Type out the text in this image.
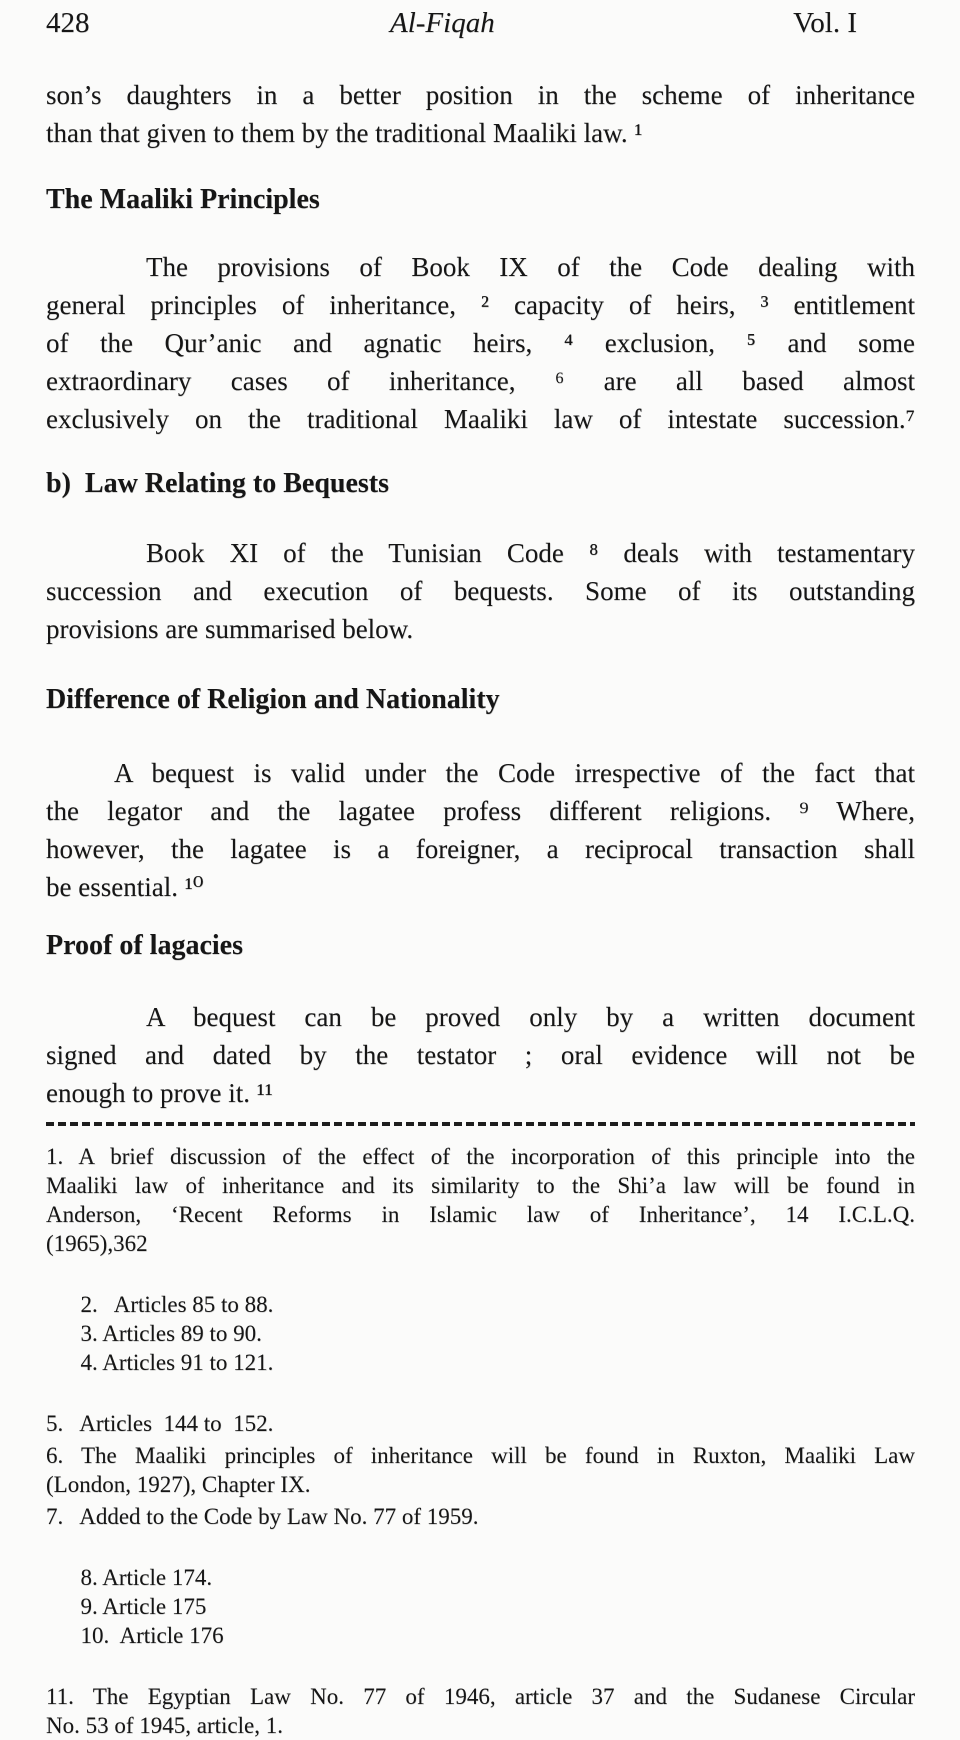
428	Al-Fiqah	Vol. I
son’s daughters in a better position in the scheme of inheritance
than that given to them by the traditional Maaliki law. ¹
The Maaliki Principles
The provisions of Book IX of the Code dealing with
general principles of inheritance, ² capacity of heirs, ³ entitlement
of the Qur’anic and agnatic heirs, ⁴ exclusion, ⁵ and some
extraordinary cases of inheritance, ⁶ are all based almost
exclusively on the traditional Maaliki law of intestate succession.⁷
b)  Law Relating to Bequests
Book XI of the Tunisian Code ⁸ deals with testamentary
succession and execution of bequests. Some of its outstanding
provisions are summarised below.
Difference of Religion and Nationality
A bequest is valid under the Code irrespective of the fact that
the legator and the lagatee profess different religions. ⁹ Where,
however, the lagatee is a foreigner, a reciprocal transaction shall
be essential. ¹⁰
Proof of lagacies
A bequest can be proved only by a written document
signed and dated by the testator ; oral evidence will not be
enough to prove it. ¹¹
1. A brief discussion of the effect of the incorporation of this principle into the
Maaliki law of inheritance and its similarity to the Shi’a law will be found in
Anderson, ‘Recent Reforms in Islamic law of Inheritance’, 14 I.C.L.Q.
(1965),362

2.   Articles 85 to 88.
3. Articles 89 to 90.
4. Articles 91 to 121.

5.   Articles  144 to  152.
6. The Maaliki principles of inheritance will be found in Ruxton, Maaliki Law
(London, 1927), Chapter IX.
7.   Added to the Code by Law No. 77 of 1959.

8. Article 174.
9. Article 175
10.  Article 176

11. The Egyptian Law No. 77 of 1946, article 37 and the Sudanese Circular
No. 53 of 1945, article, 1.
